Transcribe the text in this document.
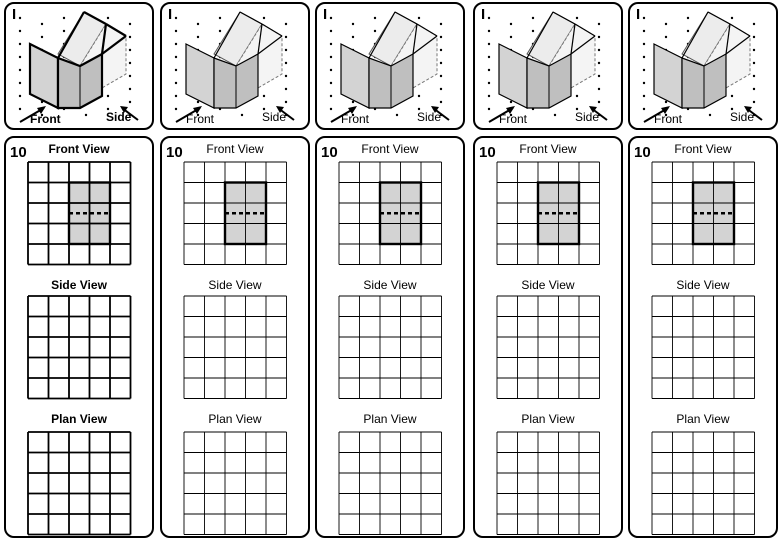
I
Front	Side
10	Front View
Side View
Plan View
I
Front	Side
10	Front View
Side View
Plan View
I
Front	Side
10	Front View
Side View
Plan View
I
Front	Side
10	Front View
Side View
Plan View
I
Front	Side
10	Front View
Side View
Plan View
